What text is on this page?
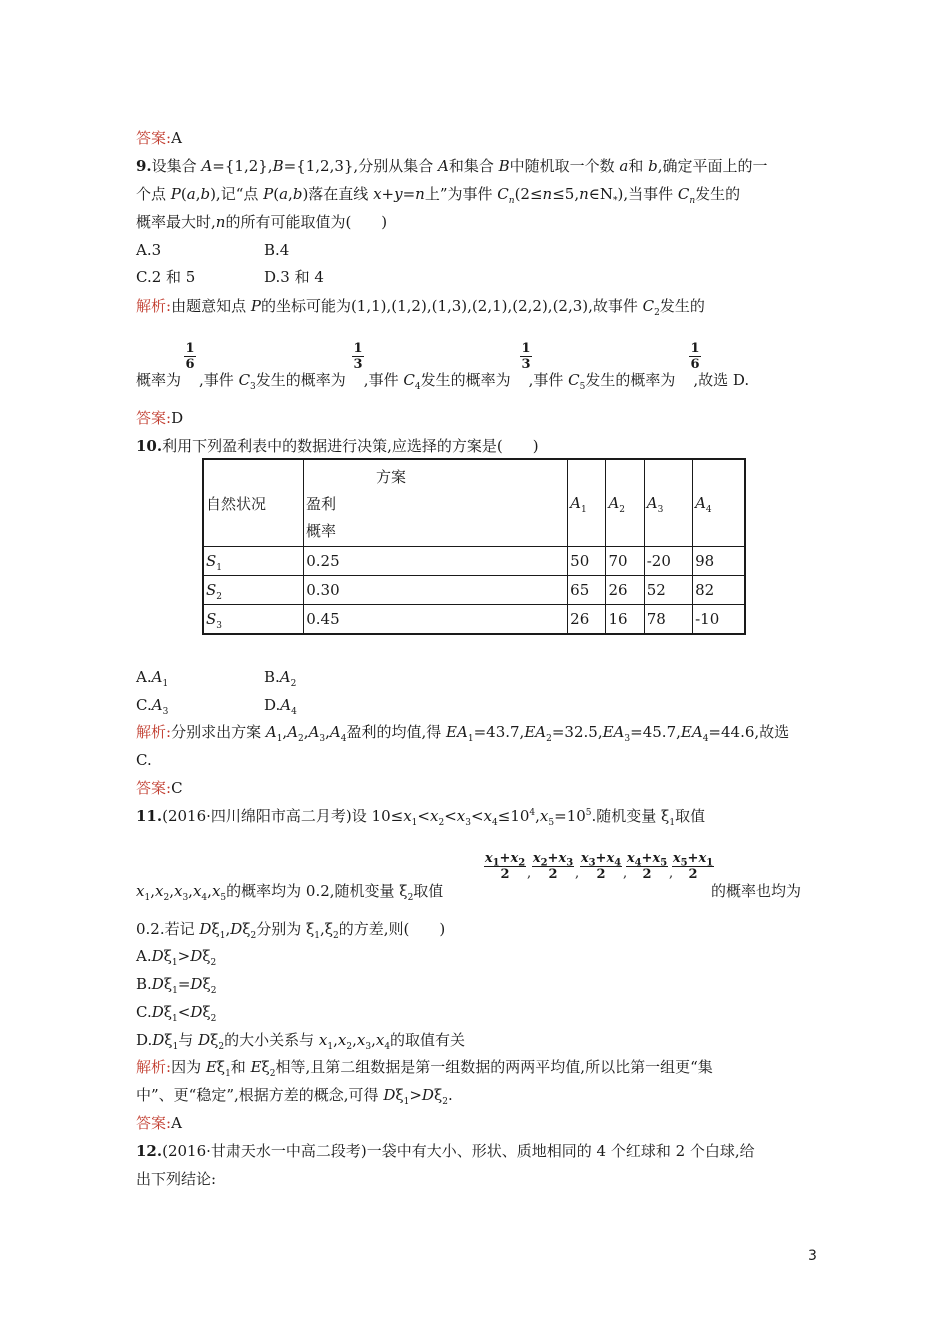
答案:A
9.设集合 A={1,2},B={1,2,3},分别从集合 A和集合 B中随机取一个数 a和 b,确定平面上的一
个点 P(a,b),记“点 P(a,b)落在直线 x+y=n上”为事件 $C_n(2\le n\le 5,n\in N_*)$,当事件 $C_n$发生的
概率最大时,n的所有可能取值为(　　)
A.3	B.4
C.2 和 5	D.3 和 4
解析:由题意知点 P的坐标可能为(1,1),(1,2),(1,3),(2,1),(2,2),(2,3),故事件 $C_2$发生的
1
6
1
3
1
3
1
6
概率为 ,事件 $C_3$发生的概率为 ,事件 $C_4$发生的概率为 ,事件 $C_5$发生的概率为 ,故选 D.
答案:D
10.利用下列盈利表中的数据进行决策,应选择的方案是(　　)
方案
自然状况 盈利
概率		$A_1$	$A_2$	$A_3$	$A_4$
$S_1$	0.25	50	70	-20	98
$S_2$	0.30	65	26	52	82
$S_3$	0.45	26	16	78	-10
$A.A_1$	$B.A_2$
$C.A_3$	$D.A_4$
解析:分别求出方案 $A_1,A_2,A_3,A_4$盈利的均值,得 $EA_1=43.7,EA_2=32.5,EA_3=45.7,EA_4=44.6$,故选
C.
答案:C
11.(2016·四川绵阳市高二月考)设 $10\le x_1<x_2<x_3<x_4\le 10^4,x_5=10^5$.随机变量 $\xi_1$取值
$x_1+x_2$
2	,
$x_2+x_3$
2	,
$x_3+x_4$
2	,
$x_4+x_5$
2	,
$x_5+x_1$
2
$x_1,x_2,x_3,x_4,x_5$的概率均为 0.2,随机变量 $\xi_2$取值	的概率也均为
0.2.若记 $D\xi_1,D\xi_2$分别为 $\xi_1,\xi_2$的方差,则(　　)
$A.D\xi_1>D\xi_2$
$B.D\xi_1=D\xi_2$
$C.D\xi_1<D\xi_2$
$D.D\xi_1$与 $D\xi_2$的大小关系与 $x_1,x_2,x_3,x_4$的取值有关
解析:因为 $E\xi_1$和 $E\xi_2$相等,且第二组数据是第一组数据的两两平均值,所以比第一组更“集
中”、更“稳定”,根据方差的概念,可得 $D\xi_1>D\xi_2$.
答案:A
12.(2016·甘肃天水一中高二段考)一袋中有大小、形状、质地相同的 4 个红球和 2 个白球,给
出下列结论:
3
